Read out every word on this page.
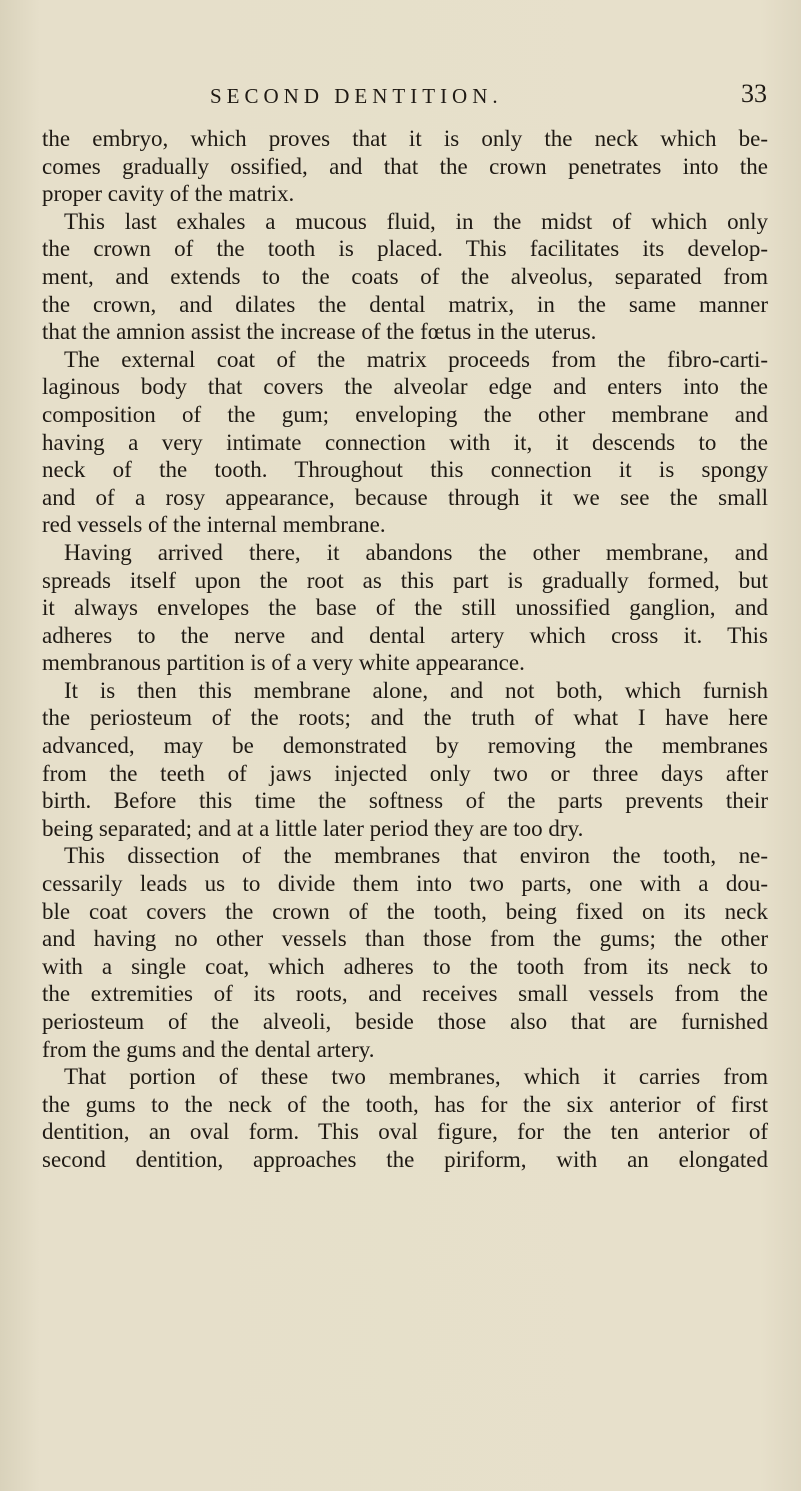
SECOND DENTITION.	33
the embryo, which proves that it is only the neck which be-
comes gradually ossified, and that the crown penetrates into the
proper cavity of the matrix.
This last exhales a mucous fluid, in the midst of which only
the crown of the tooth is placed. This facilitates its develop-
ment, and extends to the coats of the alveolus, separated from
the crown, and dilates the dental matrix, in the same manner
that the amnion assist the increase of the fœtus in the uterus.
The external coat of the matrix proceeds from the fibro-carti-
laginous body that covers the alveolar edge and enters into the
composition of the gum; enveloping the other membrane and
having a very intimate connection with it, it descends to the
neck of the tooth. Throughout this connection it is spongy
and of a rosy appearance, because through it we see the small
red vessels of the internal membrane.
Having arrived there, it abandons the other membrane, and
spreads itself upon the root as this part is gradually formed, but
it always envelopes the base of the still unossified ganglion, and
adheres to the nerve and dental artery which cross it. This
membranous partition is of a very white appearance.
It is then this membrane alone, and not both, which furnish
the periosteum of the roots; and the truth of what I have here
advanced, may be demonstrated by removing the membranes
from the teeth of jaws injected only two or three days after
birth. Before this time the softness of the parts prevents their
being separated; and at a little later period they are too dry.
This dissection of the membranes that environ the tooth, ne-
cessarily leads us to divide them into two parts, one with a dou-
ble coat covers the crown of the tooth, being fixed on its neck
and having no other vessels than those from the gums; the other
with a single coat, which adheres to the tooth from its neck to
the extremities of its roots, and receives small vessels from the
periosteum of the alveoli, beside those also that are furnished
from the gums and the dental artery.
That portion of these two membranes, which it carries from
the gums to the neck of the tooth, has for the six anterior of first
dentition, an oval form. This oval figure, for the ten anterior of
second dentition, approaches the piriform, with an elongated
